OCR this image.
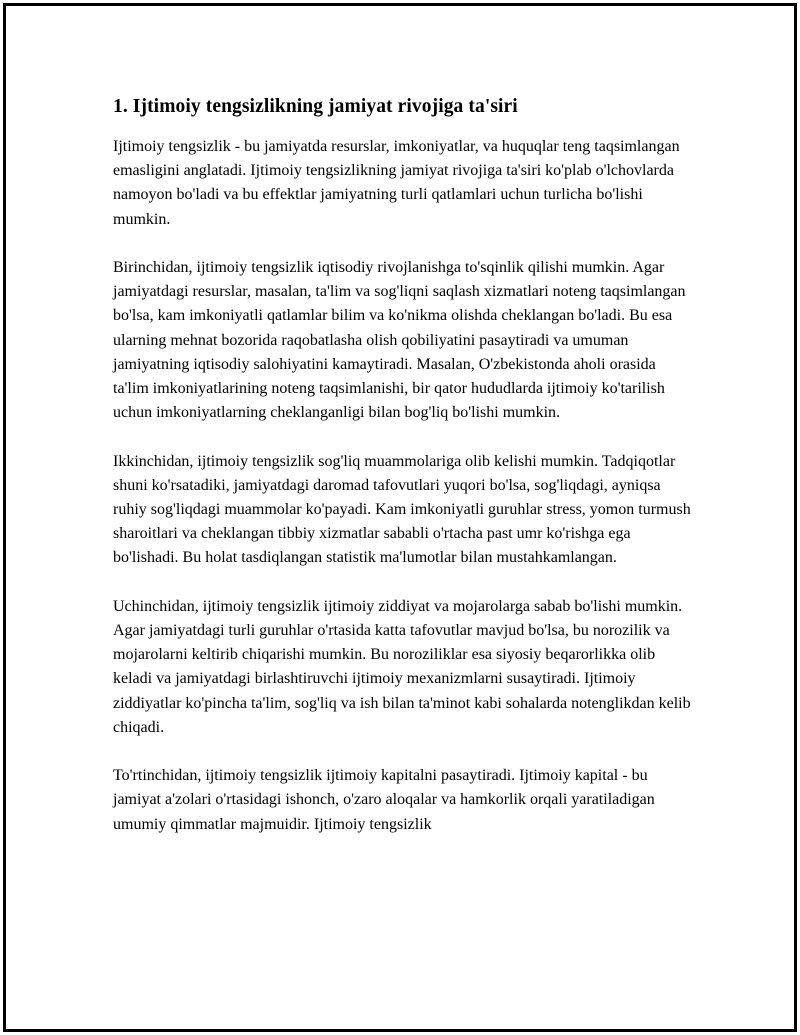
1. Ijtimoiy tengsizlikning jamiyat rivojiga ta'siri

Ijtimoiy tengsizlik - bu jamiyatda resurslar, imkoniyatlar, va huquqlar teng taqsimlangan emasligini anglatadi. Ijtimoiy tengsizlikning jamiyat rivojiga ta'siri ko'plab o'lchovlarda namoyon bo'ladi va bu effektlar jamiyatning turli qatlamlari uchun turlicha bo'lishi mumkin.

Birinchidan, ijtimoiy tengsizlik iqtisodiy rivojlanishga to'sqinlik qilishi mumkin. Agar jamiyatdagi resurslar, masalan, ta'lim va sog'liqni saqlash xizmatlari noteng taqsimlangan bo'lsa, kam imkoniyatli qatlamlar bilim va ko'nikma olishda cheklangan bo'ladi. Bu esa ularning mehnat bozorida raqobatlasha olish qobiliyatini pasaytiradi va umuman jamiyatning iqtisodiy salohiyatini kamaytiradi. Masalan, O'zbekistonda aholi orasida ta'lim imkoniyatlarining noteng taqsimlanishi, bir qator hududlarda ijtimoiy ko'tarilish uchun imkoniyatlarning cheklanganligi bilan bog'liq bo'lishi mumkin.

Ikkinchidan, ijtimoiy tengsizlik sog'liq muammolariga olib kelishi mumkin. Tadqiqotlar shuni ko'rsatadiki, jamiyatdagi daromad tafovutlari yuqori bo'lsa, sog'liqdagi, ayniqsa ruhiy sog'liqdagi muammolar ko'payadi. Kam imkoniyatli guruhlar stress, yomon turmush sharoitlari va cheklangan tibbiy xizmatlar sababli o'rtacha past umr ko'rishga ega bo'lishadi. Bu holat tasdiqlangan statistik ma'lumotlar bilan mustahkamlangan.

Uchinchidan, ijtimoiy tengsizlik ijtimoiy ziddiyat va mojarolarga sabab bo'lishi mumkin. Agar jamiyatdagi turli guruhlar o'rtasida katta tafovutlar mavjud bo'lsa, bu norozilik va mojarolarni keltirib chiqarishi mumkin. Bu noroziliklar esa siyosiy beqarorlikka olib keladi va jamiyatdagi birlashtiruvchi ijtimoiy mexanizmlarni susaytiradi. Ijtimoiy ziddiyatlar ko'pincha ta'lim, sog'liq va ish bilan ta'minot kabi sohalarda notenglikdan kelib chiqadi.

To'rtinchidan, ijtimoiy tengsizlik ijtimoiy kapitalni pasaytiradi. Ijtimoiy kapital - bu jamiyat a'zolari o'rtasidagi ishonch, o'zaro aloqalar va hamkorlik orqali yaratiladigan umumiy qimmatlar majmuidir. Ijtimoiy tengsizlik
